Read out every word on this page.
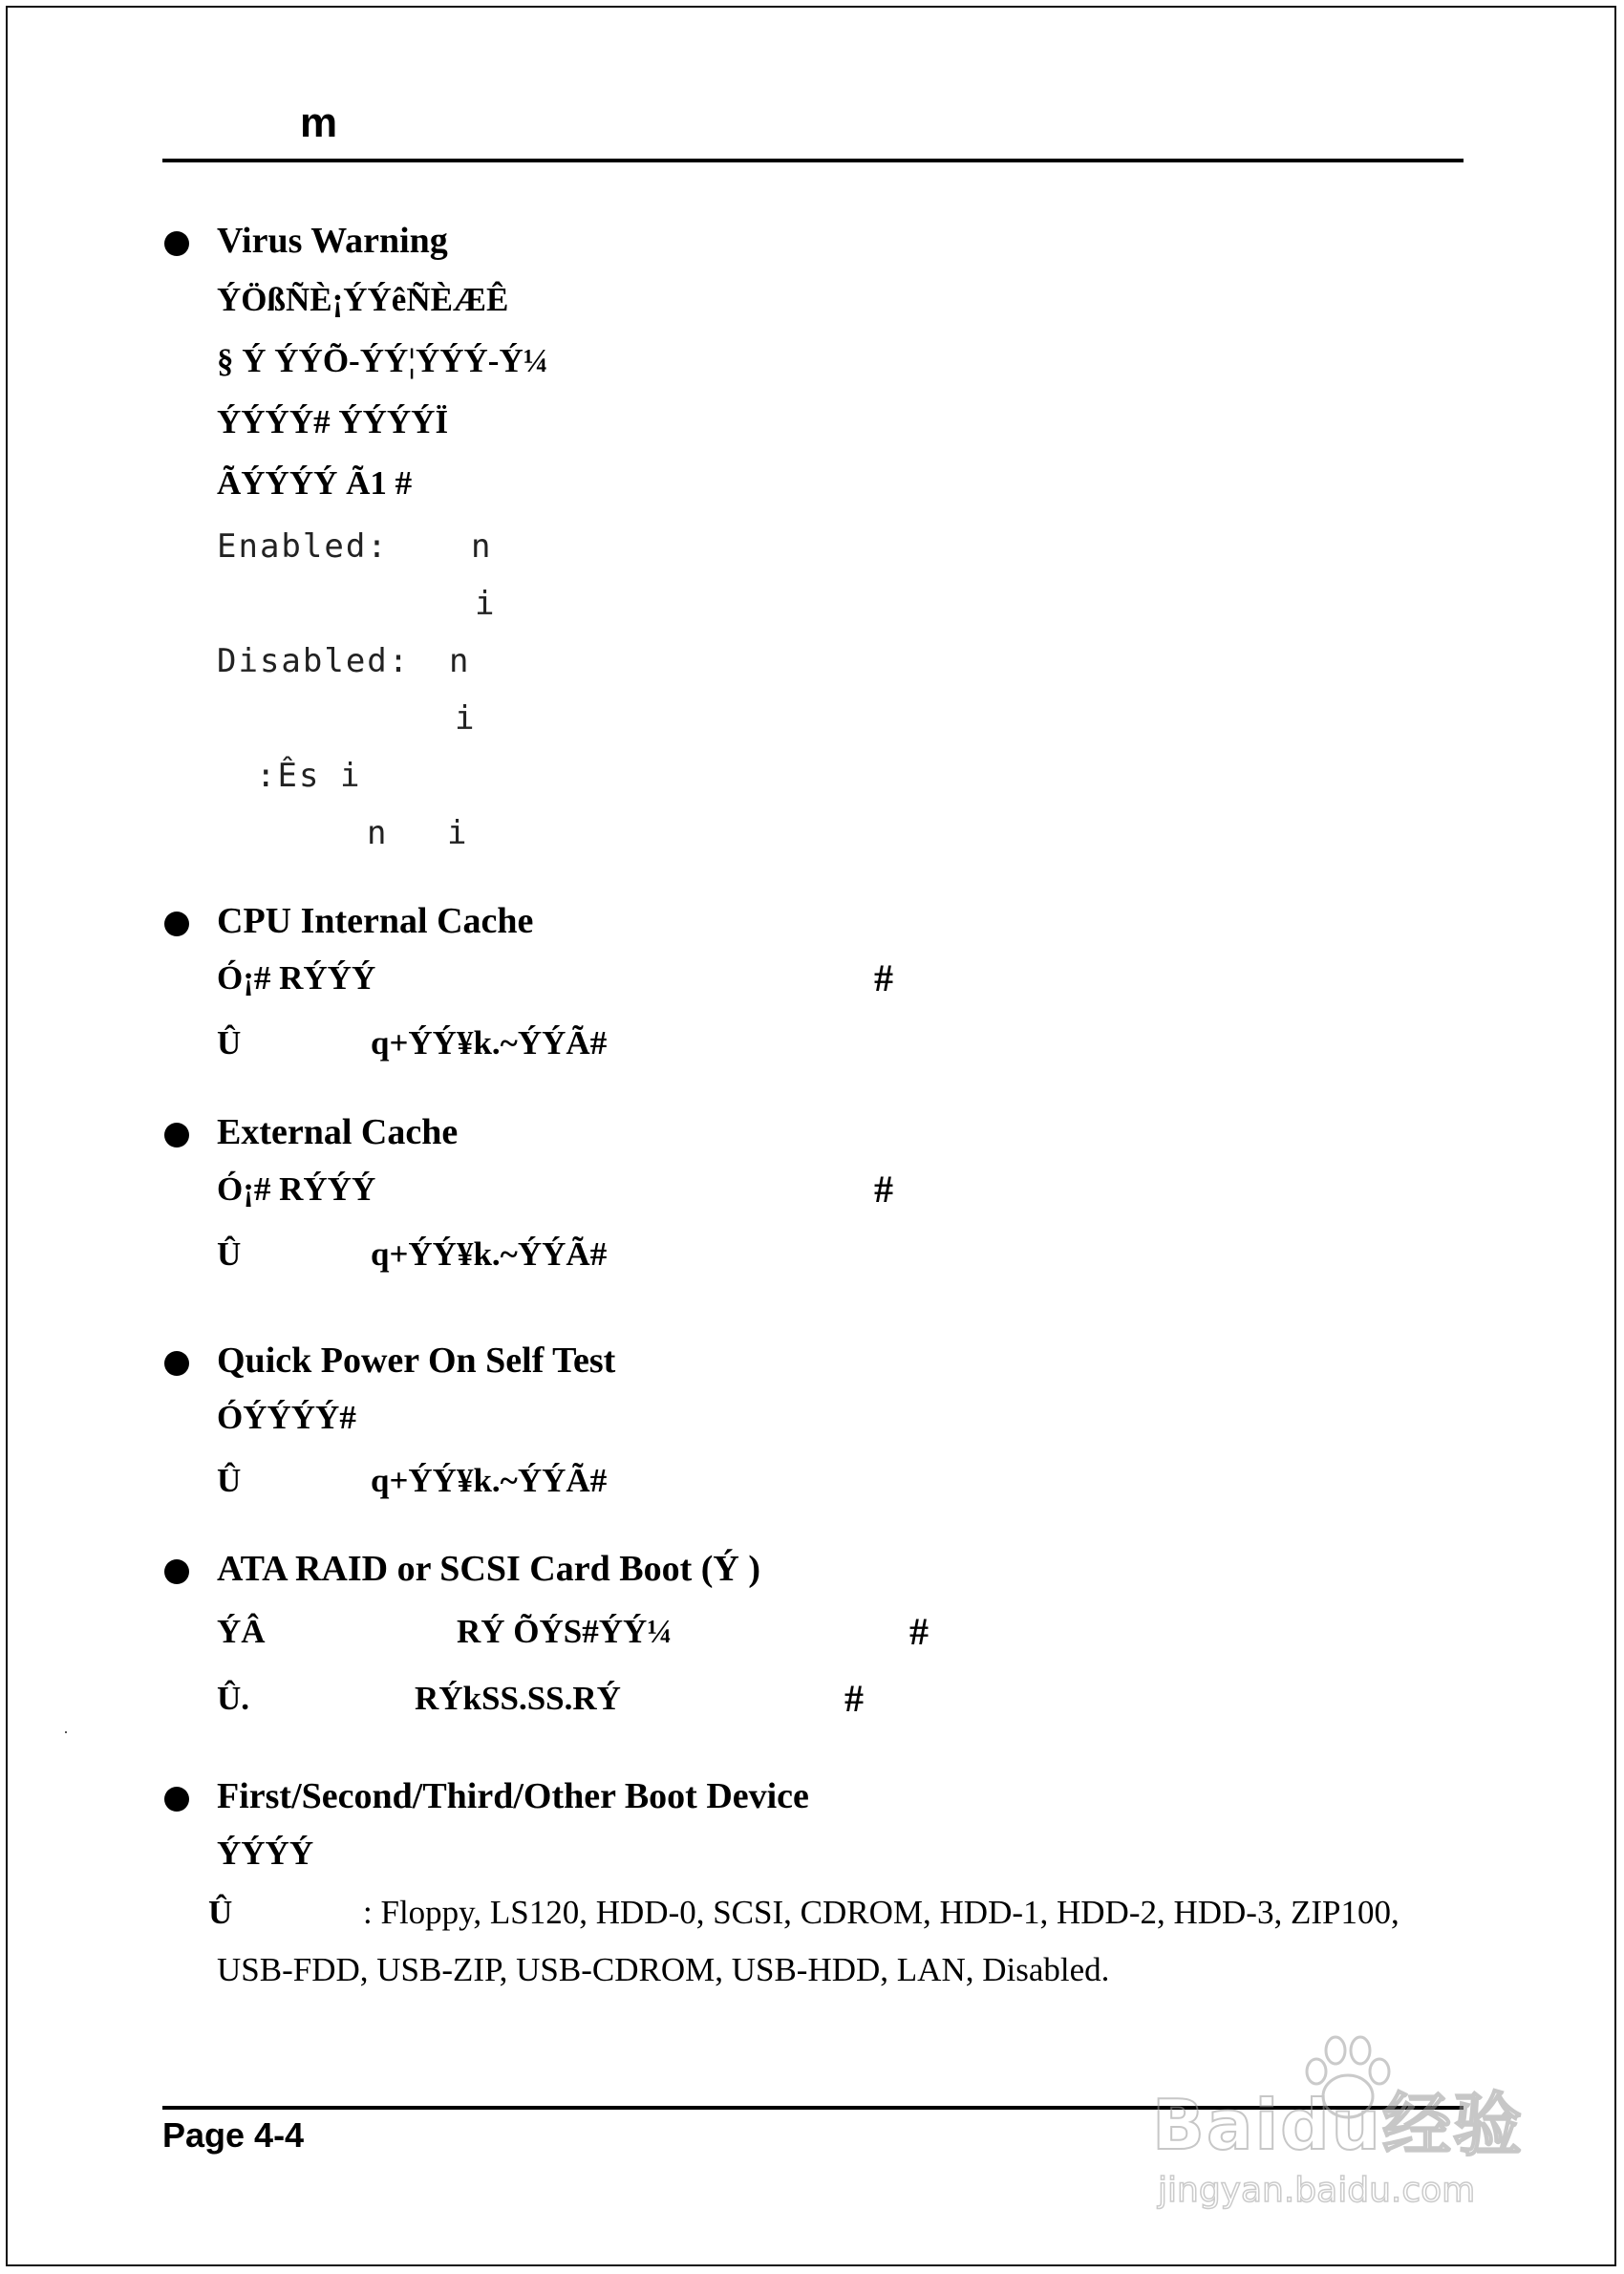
m
Virus Warning
ÝÖßÑÈ¡ÝÝêÑÈÆÊ
§ Ý ÝÝÕ-ÝÝ¦ÝÝÝ-Ý¼
ÝÝÝÝ# ÝÝÝÝÏ
ÃÝÝÝÝ Ã1 #
Enabled:	n
i
Disabled: n
i
:Ês i
n i
CPU Internal Cache
Ó¡# RÝÝÝ	#
Û	q+ÝÝ¥k.~ÝÝÃ#
External Cache
Ó¡# RÝÝÝ	#
Û	q+ÝÝ¥k.~ÝÝÃ#
Quick Power On Self Test
ÓÝÝÝÝ#
Û	q+ÝÝ¥k.~ÝÝÃ#
ATA RAID or SCSI Card Boot (Ý )
ÝÂ	RÝ ÕÝS#ÝÝ¼	#
Û.	RÝkSS.SS.RÝ	#
First/Second/Third/Other Boot Device
ÝÝÝÝ
Û	: Floppy, LS120, HDD-0, SCSI, CDROM, HDD-1, HDD-2, HDD-3, ZIP100,
USB-FDD, USB-ZIP, USB-CDROM, USB-HDD, LAN, Disabled.
Page 4-4	Baidu经验
jingyan.baidu.com
